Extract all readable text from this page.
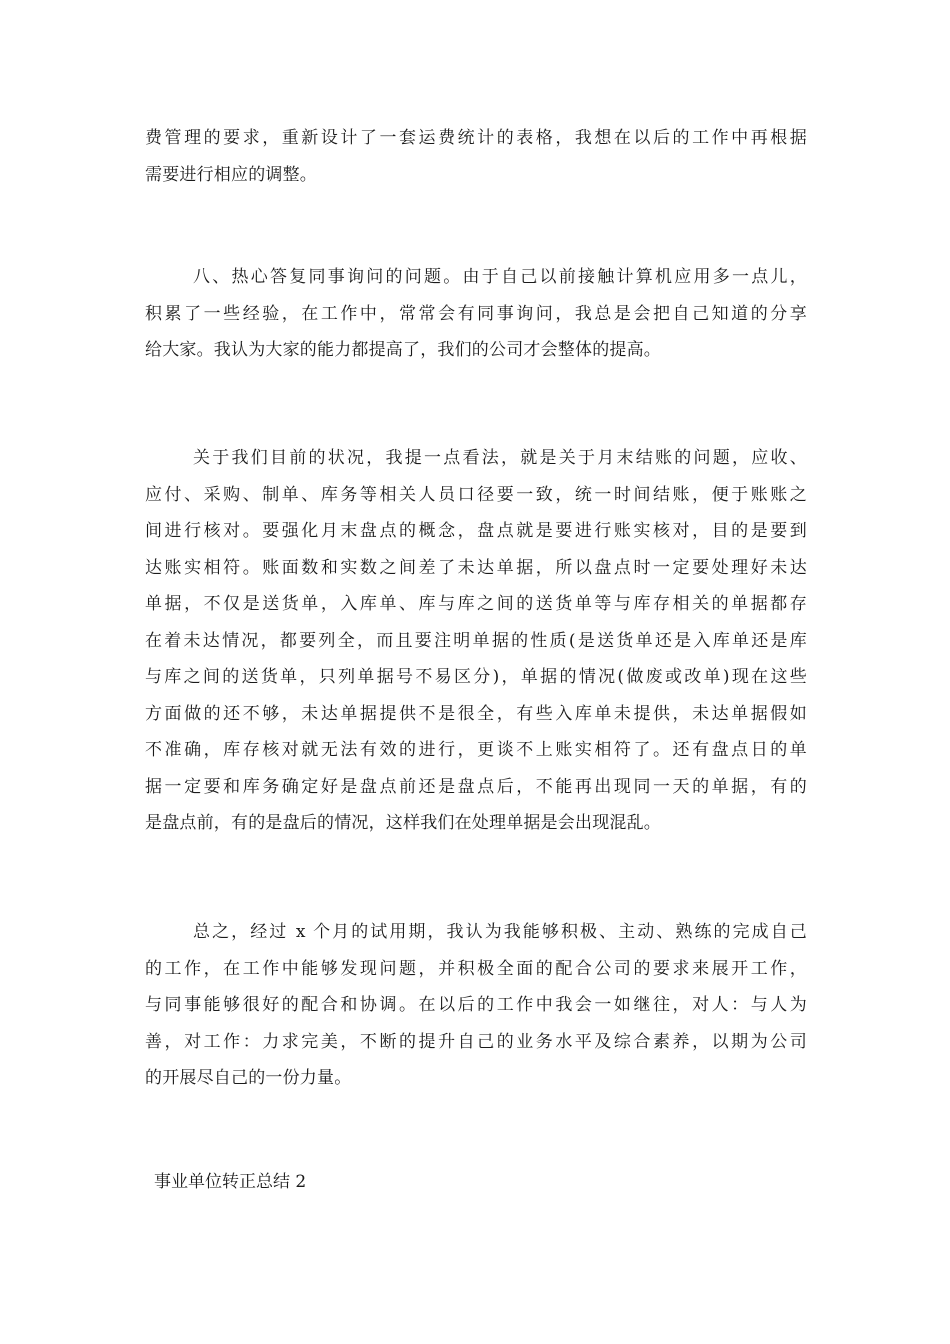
费管理的要求，重新设计了一套运费统计的表格，我想在以后的工作中再根据
需要进行相应的调整。
八、热心答复同事询问的问题。由于自己以前接触计算机应用多一点儿，
积累了一些经验，在工作中，常常会有同事询问，我总是会把自己知道的分享
给大家。我认为大家的能力都提高了，我们的公司才会整体的提高。
关于我们目前的状况，我提一点看法，就是关于月末结账的问题，应收、
应付、采购、制单、库务等相关人员口径要一致，统一时间结账，便于账账之
间进行核对。要强化月末盘点的概念，盘点就是要进行账实核对，目的是要到
达账实相符。账面数和实数之间差了未达单据，所以盘点时一定要处理好未达
单据，不仅是送货单，入库单、库与库之间的送货单等与库存相关的单据都存
在着未达情况，都要列全，而且要注明单据的性质(是送货单还是入库单还是库
与库之间的送货单，只列单据号不易区分)，单据的情况(做废或改单)现在这些
方面做的还不够，未达单据提供不是很全，有些入库单未提供，未达单据假如
不准确，库存核对就无法有效的进行，更谈不上账实相符了。还有盘点日的单
据一定要和库务确定好是盘点前还是盘点后，不能再出现同一天的单据，有的
是盘点前，有的是盘后的情况，这样我们在处理单据是会出现混乱。
总之，经过 x 个月的试用期，我认为我能够积极、主动、熟练的完成自己
的工作，在工作中能够发现问题，并积极全面的配合公司的要求来展开工作，
与同事能够很好的配合和协调。在以后的工作中我会一如继往，对人：与人为
善，对工作：力求完美，不断的提升自己的业务水平及综合素养，以期为公司
的开展尽自己的一份力量。
事业单位转正总结 2
